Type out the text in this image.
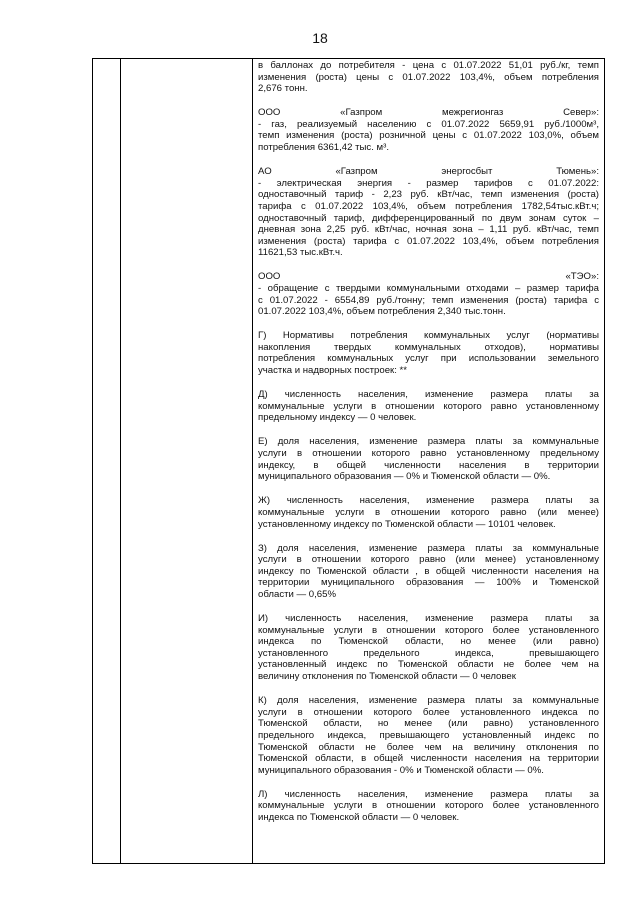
18

в баллонах до потребителя - цена с 01.07.2022 51,01 руб./кг, темп
изменения (роста) цены с 01.07.2022 103,4%, объем потребления
2,676 тонн.

ООО «Газпром межрегионгаз Север»:
- газ, реализуемый населению с 01.07.2022 5659,91 руб./1000м³,
темп изменения (роста) розничной цены с 01.07.2022 103,0%, объем
потребления 6361,42 тыс. м³.

АО «Газпром энергосбыт Тюмень»:
- электрическая энергия - размер тарифов с 01.07.2022:
одноставочный тариф - 2,23 руб. кВт/час, темп изменения (роста)
тарифа с 01.07.2022 103,4%, объем потребления 1782,54тыс.кВт.ч;
одноставочный тариф, дифференцированный по двум зонам суток –
дневная зона 2,25 руб. кВт/час, ночная зона – 1,11 руб. кВт/час, темп
изменения (роста) тарифа с 01.07.2022 103,4%, объем потребления
11621,53 тыс.кВт.ч.

ООО «ТЭО»:
- обращение с твердыми коммунальными отходами – размер тарифа
с 01.07.2022 - 6554,89 руб./тонну; темп изменения (роста) тарифа с
01.07.2022 103,4%, объем потребления 2,340 тыс.тонн.

Г) Нормативы потребления коммунальных услуг (нормативы
накопления твердых коммунальных отходов), нормативы
потребления коммунальных услуг при использовании земельного
участка и надворных построек: **

Д) численность населения, изменение размера платы за
коммунальные услуги в отношении которого равно установленному
предельному индексу — 0 человек.

Е) доля населения, изменение размера платы за коммунальные
услуги в отношении которого равно установленному предельному
индексу, в общей численности населения в территории
муниципального образования — 0% и Тюменской области — 0%.

Ж) численность населения, изменение размера платы за
коммунальные услуги в отношении которого равно (или менее)
установленному индексу по Тюменской области — 10101 человек.

З) доля населения, изменение размера платы за коммунальные
услуги в отношении которого равно (или менее) установленному
индексу по Тюменской области , в общей численности населения на
территории муниципального образования — 100% и Тюменской
области — 0,65%

И) численность населения, изменение размера платы за
коммунальные услуги в отношении которого более установленного
индекса по Тюменской области, но менее (или равно)
установленного предельного индекса, превышающего
установленный индекс по Тюменской области не более чем на
величину отклонения по Тюменской области — 0 человек

К) доля населения, изменение размера платы за коммунальные
услуги в отношении которого более установленного индекса по
Тюменской области, но менее (или равно) установленного
предельного индекса, превышающего установленный индекс по
Тюменской области не более чем на величину отклонения по
Тюменской области, в общей численности населения на территории
муниципального образования - 0% и Тюменской области — 0%.

Л) численность населения, изменение размера платы за
коммунальные услуги в отношении которого более установленного
индекса по Тюменской области — 0 человек.
